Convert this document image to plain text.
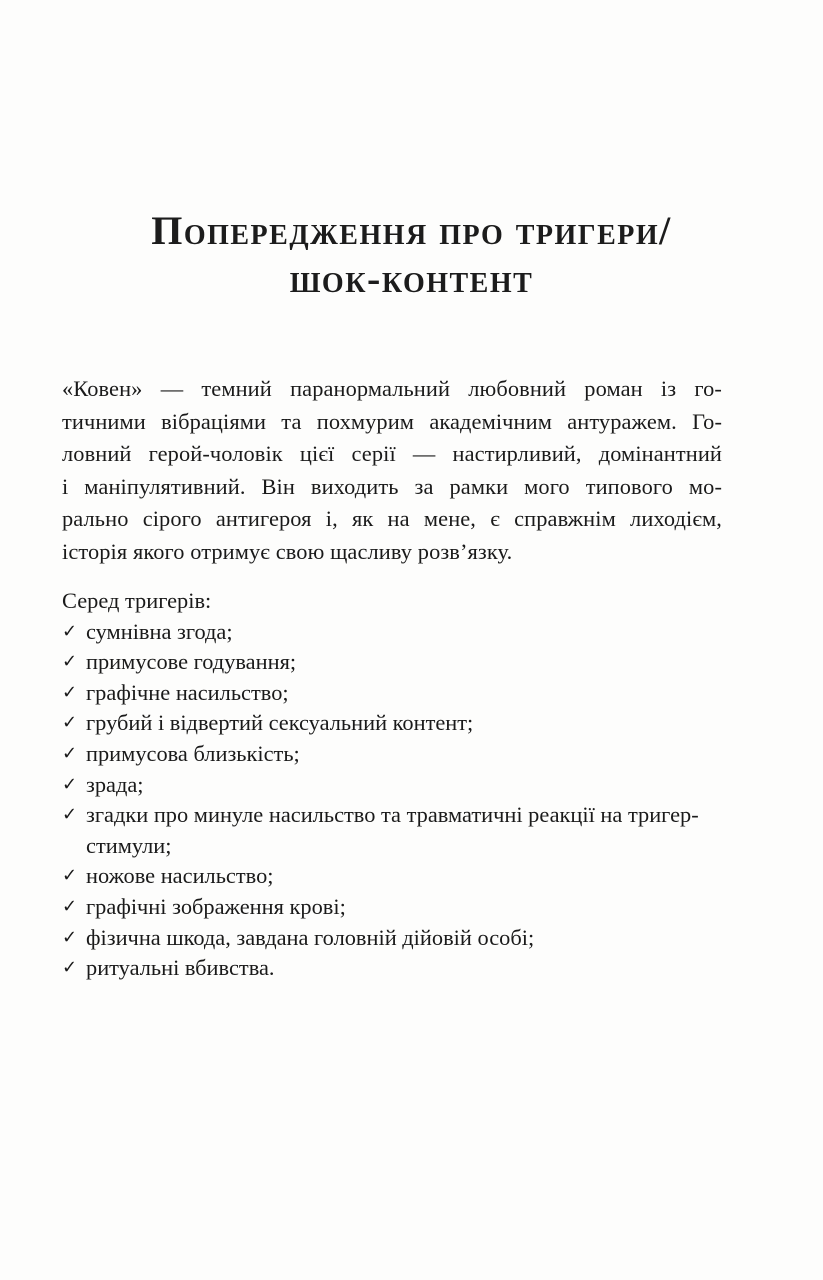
Попередження про тригери/
шок-контент

«Ковен» — темний паранормальний любовний роман із го-
тичними вібраціями та похмурим академічним антуражем. Го-
ловний герой-чоловік цієї серії — настирливий, домінантний
і маніпулятивний. Він виходить за рамки мого типового мо-
рально сірого антигероя і, як на мене, є справжнім лиходієм,
історія якого отримує свою щасливу розв’язку.

Серед тригерів:
✓ сумнівна згода;
✓ примусове годування;
✓ графічне насильство;
✓ грубий і відвертий сексуальний контент;
✓ примусова близькість;
✓ зрада;
✓ згадки про минуле насильство та травматичні реакції на тригер-стимули;
✓ ножове насильство;
✓ графічні зображення крові;
✓ фізична шкода, завдана головній дійовій особі;
✓ ритуальні вбивства.
